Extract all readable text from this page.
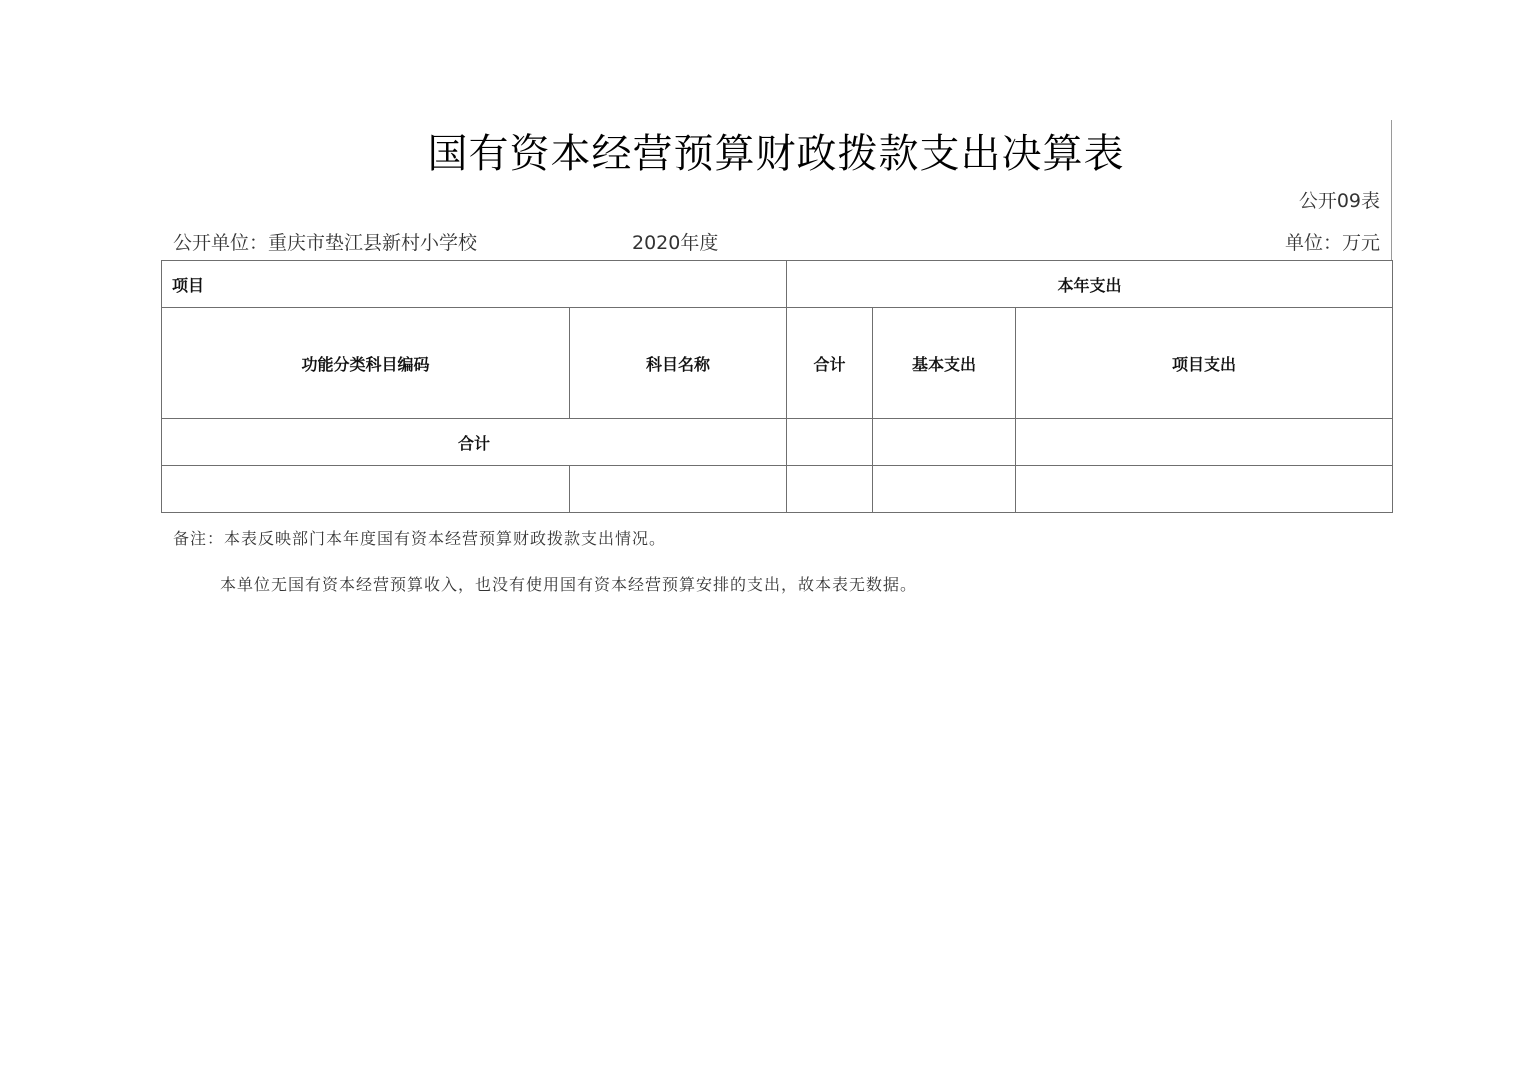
国有资本经营预算财政拨款支出决算表
公开09表
公开单位：重庆市垫江县新村小学校	2020年度	单位：万元
项目		本年支出		
功能分类科目编码	科目名称	合计	基本支出	项目支出
合计				

备注：本表反映部门本年度国有资本经营预算财政拨款支出情况。
本单位无国有资本经营预算收入，也没有使用国有资本经营预算安排的支出，故本表无数据。
